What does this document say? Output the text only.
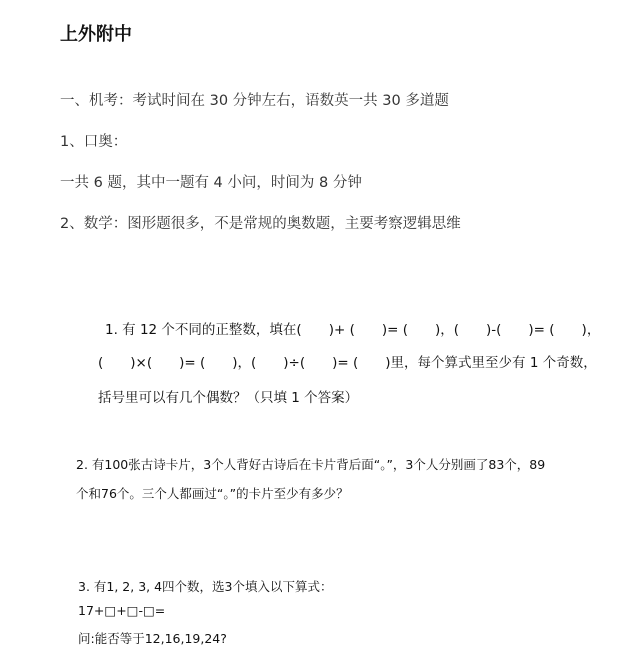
上外附中
一、机考：考试时间在 30 分钟左右，语数英一共 30 多道题
1、口奥：
一共 6 题，其中一题有 4 小问，时间为 8 分钟
2、数学：图形题很多，不是常规的奥数题，主要考察逻辑思维
1. 有 12 个不同的正整数，填在(　　)+ (　　)= (　　)，(　　)-(　　)= (　　)，
(　　)×(　　)= (　　)，(　　)÷(　　)= (　　)里，每个算式里至少有 1 个奇数，
括号里可以有几个偶数？（只填 1 个答案）
2. 有100张古诗卡片，3个人背好古诗后在卡片背后面“。”，3个人分别画了83个，89
个和76个。三个人都画过“。”的卡片至少有多少？
3. 有1, 2, 3, 4四个数，选3个填入以下算式：
17+□+□-□=
问:能否等于12,16,19,24?
